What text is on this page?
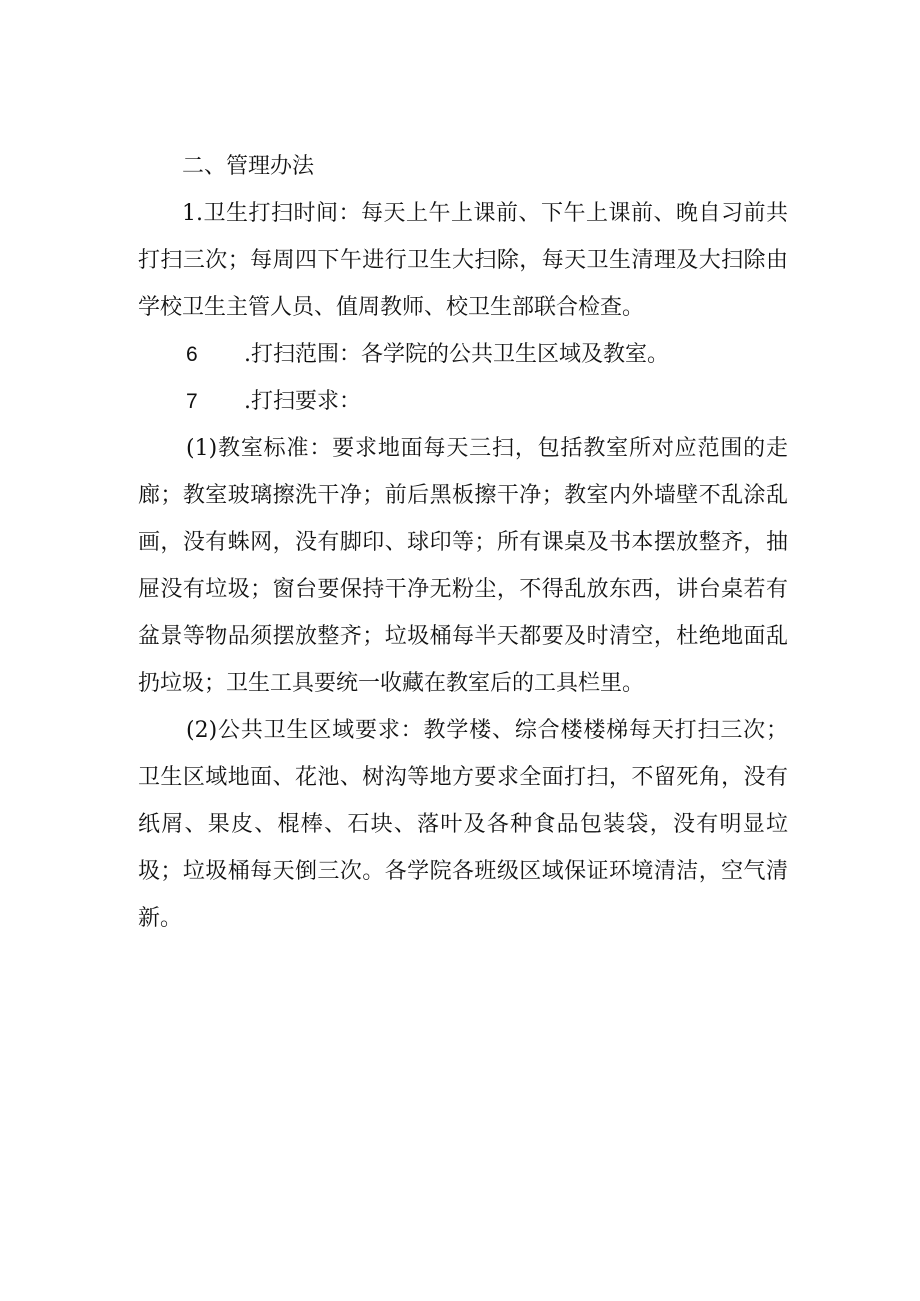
二、管理办法
1.卫生打扫时间：每天上午上课前、下午上课前、晚自习前共打扫三次；每周四下午进行卫生大扫除，每天卫生清理及大扫除由学校卫生主管人员、值周教师、校卫生部联合检查。
6 .打扫范围：各学院的公共卫生区域及教室。
7 .打扫要求：
(1)教室标准：要求地面每天三扫，包括教室所对应范围的走廊；教室玻璃擦洗干净；前后黑板擦干净；教室内外墙壁不乱涂乱画，没有蛛网，没有脚印、球印等；所有课桌及书本摆放整齐，抽屉没有垃圾；窗台要保持干净无粉尘，不得乱放东西，讲台桌若有盆景等物品须摆放整齐；垃圾桶每半天都要及时清空，杜绝地面乱扔垃圾；卫生工具要统一收藏在教室后的工具栏里。
(2)公共卫生区域要求：教学楼、综合楼楼梯每天打扫三次；卫生区域地面、花池、树沟等地方要求全面打扫，不留死角，没有纸屑、果皮、棍棒、石块、落叶及各种食品包装袋，没有明显垃圾；垃圾桶每天倒三次。各学院各班级区域保证环境清洁，空气清新。
